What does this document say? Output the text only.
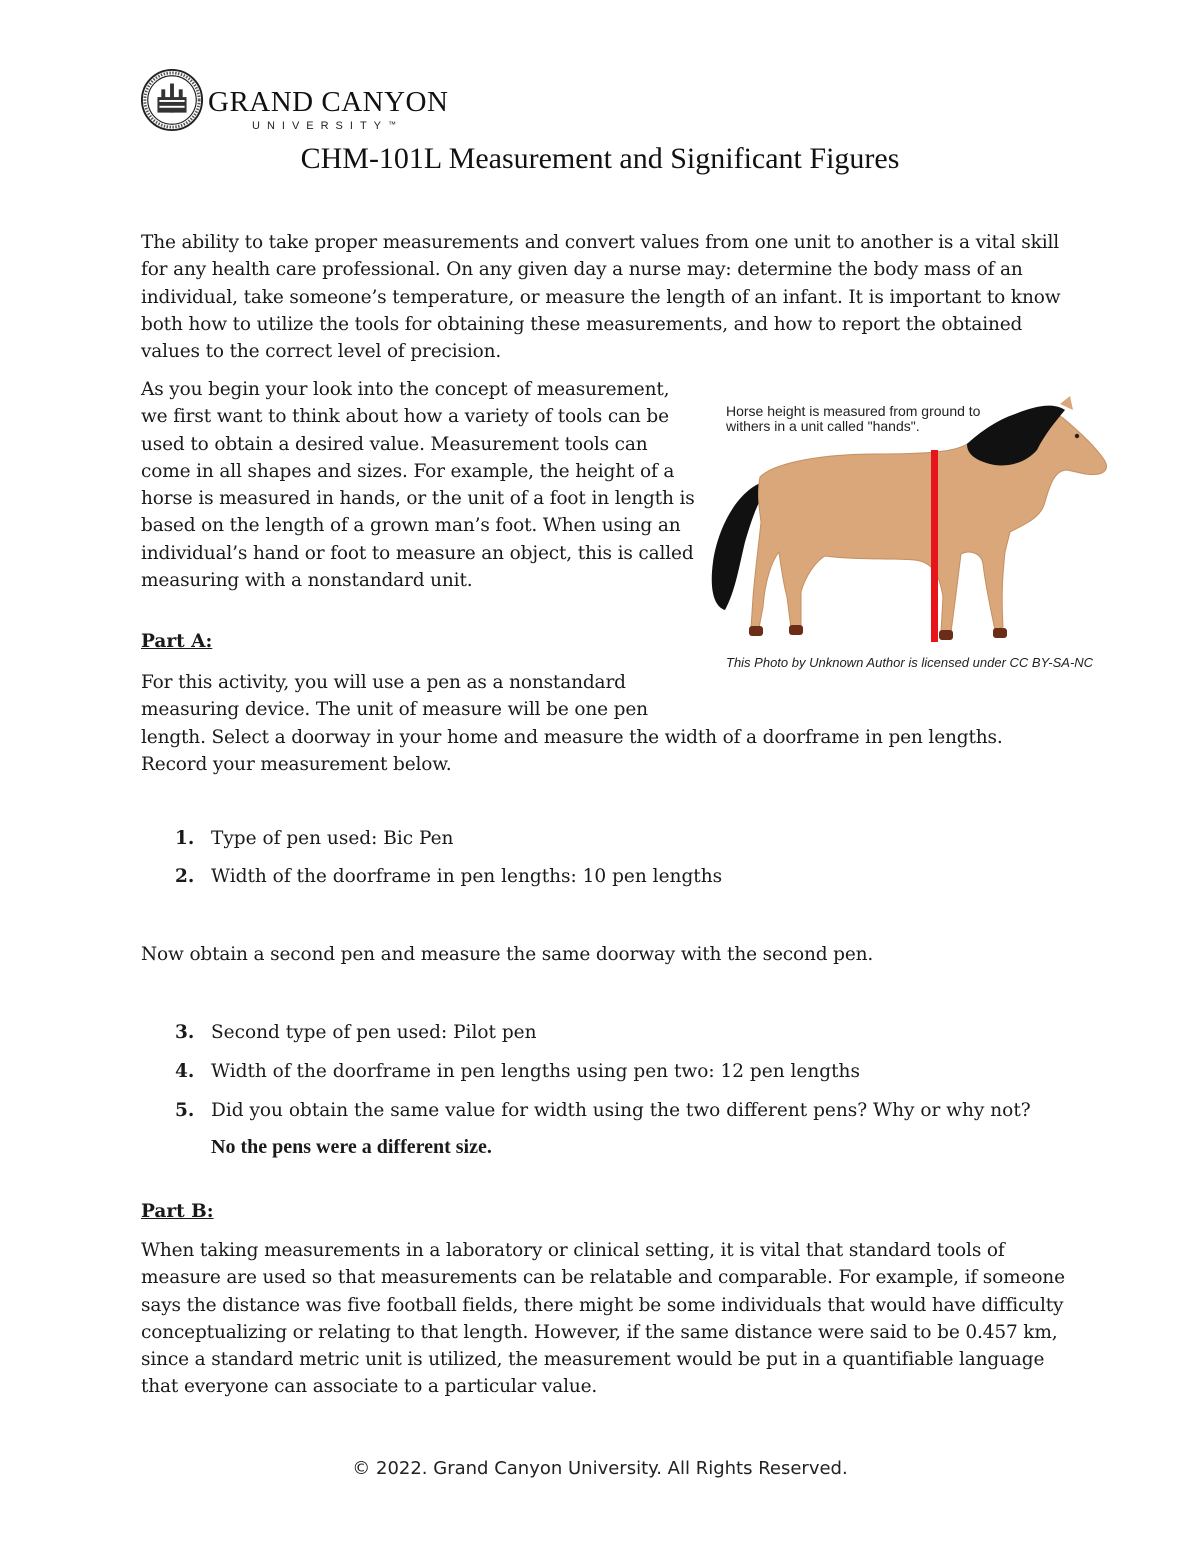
GRAND CANYON
UNIVERSITY™
CHM-101L Measurement and Significant Figures

The ability to take proper measurements and convert values from one unit to another is a vital skill for any health care professional. On any given day a nurse may: determine the body mass of an individual, take someone’s temperature, or measure the length of an infant. It is important to know both how to utilize the tools for obtaining these measurements, and how to report the obtained values to the correct level of precision.

As you begin your look into the concept of measurement, we first want to think about how a variety of tools can be used to obtain a desired value. Measurement tools can come in all shapes and sizes. For example, the height of a horse is measured in hands, or the unit of a foot in length is based on the length of a grown man’s foot. When using an individual’s hand or foot to measure an object, this is called measuring with a nonstandard unit.

Horse height is measured from ground to withers in a unit called "hands".
This Photo by Unknown Author is licensed under CC BY-SA-NC

Part A:

For this activity, you will use a pen as a nonstandard measuring device. The unit of measure will be one pen
length. Select a doorway in your home and measure the width of a doorframe in pen lengths. Record your measurement below.

1. Type of pen used: Bic Pen
2. Width of the doorframe in pen lengths: 10 pen lengths

Now obtain a second pen and measure the same doorway with the second pen.

3. Second type of pen used: Pilot pen
4. Width of the doorframe in pen lengths using pen two: 12 pen lengths
5. Did you obtain the same value for width using the two different pens? Why or why not?

No the pens were a different size.

Part B:

When taking measurements in a laboratory or clinical setting, it is vital that standard tools of measure are used so that measurements can be relatable and comparable. For example, if someone says the distance was five football fields, there might be some individuals that would have difficulty conceptualizing or relating to that length. However, if the same distance were said to be 0.457 km, since a standard metric unit is utilized, the measurement would be put in a quantifiable language that everyone can associate to a particular value.

© 2022. Grand Canyon University. All Rights Reserved.
